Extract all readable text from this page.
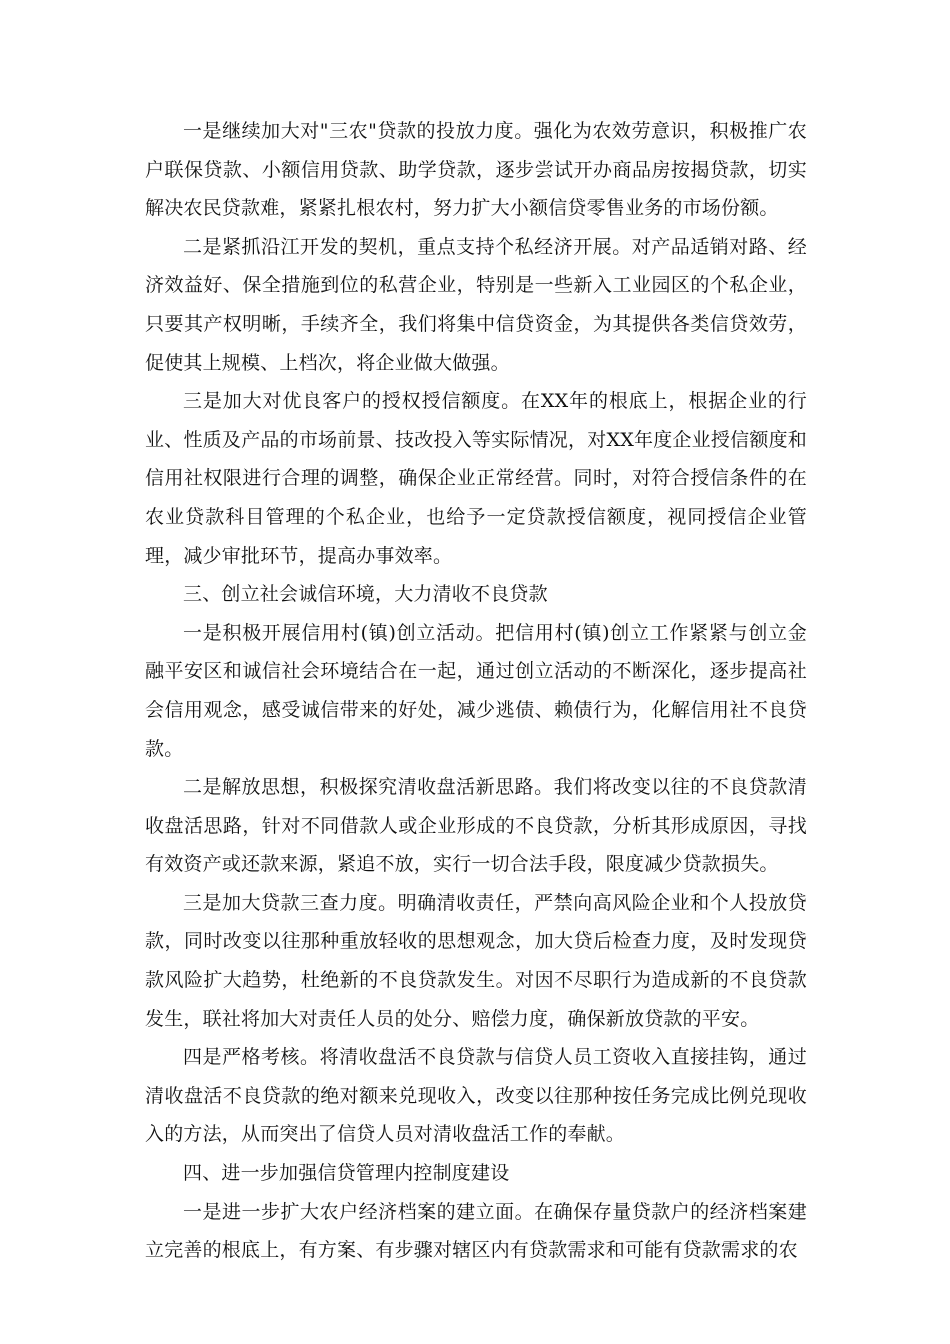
一是继续加大对"三农"贷款的投放力度。强化为农效劳意识，积极推广农户联保贷款、小额信用贷款、助学贷款，逐步尝试开办商品房按揭贷款，切实解决农民贷款难，紧紧扎根农村，努力扩大小额信贷零售业务的市场份额。

二是紧抓沿江开发的契机，重点支持个私经济开展。对产品适销对路、经济效益好、保全措施到位的私营企业，特别是一些新入工业园区的个私企业，只要其产权明晰，手续齐全，我们将集中信贷资金，为其提供各类信贷效劳，促使其上规模、上档次，将企业做大做强。

三是加大对优良客户的授权授信额度。在XX年的根底上，根据企业的行业、性质及产品的市场前景、技改投入等实际情况，对XX年度企业授信额度和信用社权限进行合理的调整，确保企业正常经营。同时，对符合授信条件的在农业贷款科目管理的个私企业，也给予一定贷款授信额度，视同授信企业管理，减少审批环节，提高办事效率。

三、创立社会诚信环境，大力清收不良贷款

一是积极开展信用村(镇)创立活动。把信用村(镇)创立工作紧紧与创立金融平安区和诚信社会环境结合在一起，通过创立活动的不断深化，逐步提高社会信用观念，感受诚信带来的好处，减少逃债、赖债行为，化解信用社不良贷款。

二是解放思想，积极探究清收盘活新思路。我们将改变以往的不良贷款清收盘活思路，针对不同借款人或企业形成的不良贷款，分析其形成原因，寻找有效资产或还款来源，紧追不放，实行一切合法手段，限度减少贷款损失。

三是加大贷款三查力度。明确清收责任，严禁向高风险企业和个人投放贷款，同时改变以往那种重放轻收的思想观念，加大贷后检查力度，及时发现贷款风险扩大趋势，杜绝新的不良贷款发生。对因不尽职行为造成新的不良贷款发生，联社将加大对责任人员的处分、赔偿力度，确保新放贷款的平安。

四是严格考核。将清收盘活不良贷款与信贷人员工资收入直接挂钩，通过清收盘活不良贷款的绝对额来兑现收入，改变以往那种按任务完成比例兑现收入的方法，从而突出了信贷人员对清收盘活工作的奉献。

四、进一步加强信贷管理内控制度建设

一是进一步扩大农户经济档案的建立面。在确保存量贷款户的经济档案建立完善的根底上，有方案、有步骤对辖区内有贷款需求和可能有贷款需求的农
